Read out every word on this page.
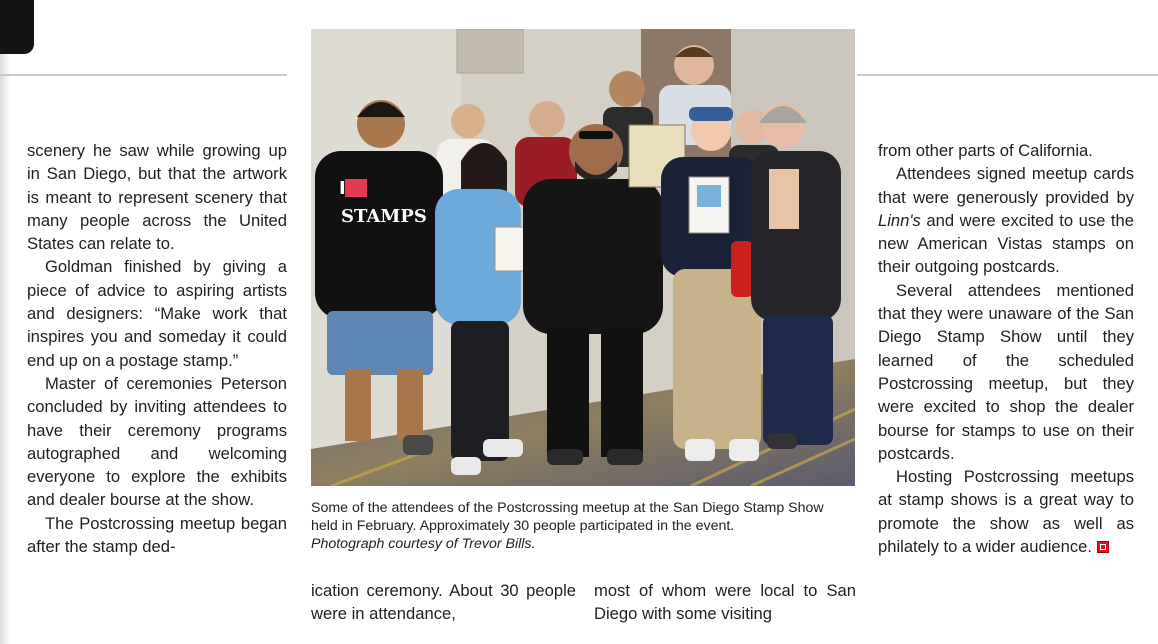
scenery he saw while growing up in San Diego, but that the artwork is meant to represent scenery that many people across the United States can relate to.

Goldman finished by giving a piece of advice to aspiring artists and designers: “Make work that inspires you and someday it could end up on a postage stamp.”

Master of ceremonies Peterson concluded by inviting attendees to have their ceremony programs autographed and welcoming everyone to explore the exhibits and dealer bourse at the show.

The Postcrossing meetup began after the stamp ded-

I
STAMPS
Some of the attendees of the Postcrossing meetup at the San Diego Stamp Show held in February. Approximately 30 people participated in the event.
Photograph courtesy of Trevor Bills.

ication ceremony. About 30 people were in attendance,

most of whom were local to San Diego with some visiting

from other parts of California.

Attendees signed meetup cards that were generously provided by Linn's and were excited to use the new American Vistas stamps on their outgoing postcards.

Several attendees mentioned that they were unaware of the San Diego Stamp Show until they learned of the scheduled Postcrossing meetup, but they were excited to shop the dealer bourse for stamps to use on their postcards.

Hosting Postcrossing meetups at stamp shows is a great way to promote the show as well as philately to a wider audience.
